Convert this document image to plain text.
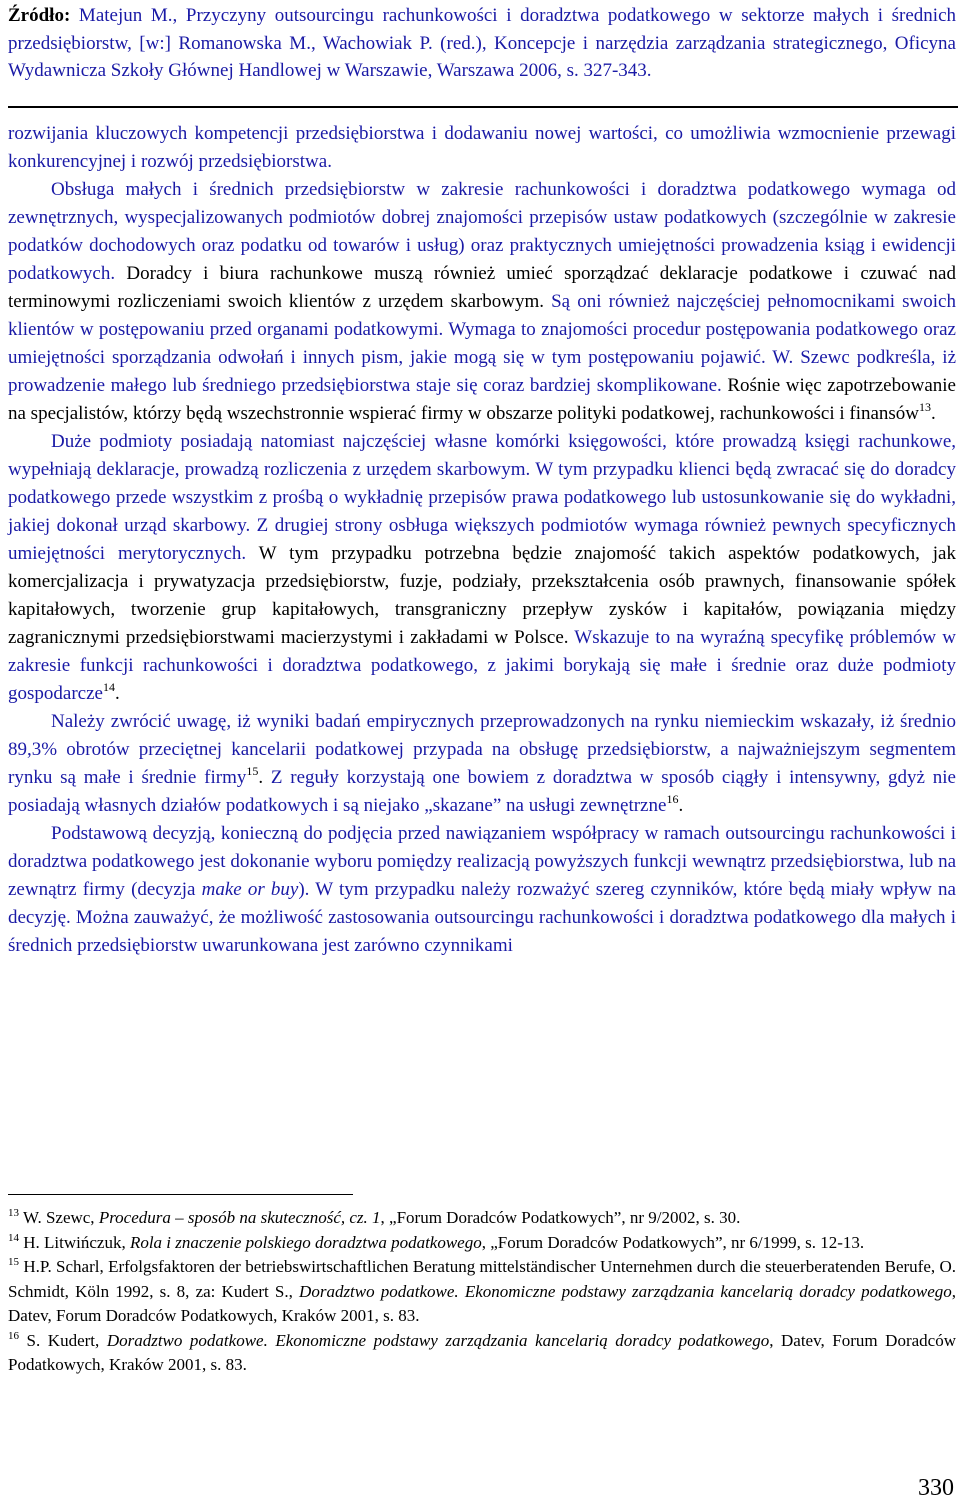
Źródło: Matejun M., Przyczyny outsourcingu rachunkowości i doradztwa podatkowego w sektorze małych i średnich przedsiębiorstw, [w:] Romanowska M., Wachowiak P. (red.), Koncepcje i narzędzia zarządzania strategicznego, Oficyna Wydawnicza Szkoły Głównej Handlowej w Warszawie, Warszawa 2006, s. 327-343.

rozwijania kluczowych kompetencji przedsiębiorstwa i dodawaniu nowej wartości, co umożliwia wzmocnienie przewagi konkurencyjnej i rozwój przedsiębiorstwa.

Obsługa małych i średnich przedsiębiorstw w zakresie rachunkowości i doradztwa podatkowego wymaga od zewnętrznych, wyspecjalizowanych podmiotów dobrej znajomości przepisów ustaw podatkowych (szczególnie w zakresie podatków dochodowych oraz podatku od towarów i usług) oraz praktycznych umiejętności prowadzenia ksiąg i ewidencji podatkowych. Doradcy i biura rachunkowe muszą również umieć sporządzać deklaracje podatkowe i czuwać nad terminowymi rozliczeniami swoich klientów z urzędem skarbowym. Są oni również najczęściej pełnomocnikami swoich klientów w postępowaniu przed organami podatkowymi. Wymaga to znajomości procedur postępowania podatkowego oraz umiejętności sporządzania odwołań i innych pism, jakie mogą się w tym postępowaniu pojawić. W. Szewc podkreśla, iż prowadzenie małego lub średniego przedsiębiorstwa staje się coraz bardziej skomplikowane. Rośnie więc zapotrzebowanie na specjalistów, którzy będą wszechstronnie wspierać firmy w obszarze polityki podatkowej, rachunkowości i finansów$^{13}$.

Duże podmioty posiadają natomiast najczęściej własne komórki księgowości, które prowadzą księgi rachunkowe, wypełniają deklaracje, prowadzą rozliczenia z urzędem skarbowym. W tym przypadku klienci będą zwracać się do doradcy podatkowego przede wszystkim z prośbą o wykładnię przepisów prawa podatkowego lub ustosunkowanie się do wykładni, jakiej dokonał urząd skarbowy. Z drugiej strony osbługa większych podmiotów wymaga również pewnych specyficznych umiejętności merytorycznych. W tym przypadku potrzebna będzie znajomość takich aspektów podatkowych, jak komercjalizacja i prywatyzacja przedsiębiorstw, fuzje, podziały, przekształcenia osób prawnych, finansowanie spółek kapitałowych, tworzenie grup kapitałowych, transgraniczny przepływ zysków i kapitałów, powiązania między zagranicznymi przedsiębiorstwami macierzystymi i zakładami w Polsce. Wskazuje to na wyraźną specyfikę próblemów w zakresie funkcji rachunkowości i doradztwa podatkowego, z jakimi borykają się małe i średnie oraz duże podmioty gospodarcze$^{14}$.

Należy zwrócić uwagę, iż wyniki badań empirycznych przeprowadzonych na rynku niemieckim wskazały, iż średnio 89,3% obrotów przeciętnej kancelarii podatkowej przypada na obsługę przedsiębiorstw, a najważniejszym segmentem rynku są małe i średnie firmy$^{15}$. Z reguły korzystają one bowiem z doradztwa w sposób ciągły i intensywny, gdyż nie posiadają własnych działów podatkowych i są niejako „skazane” na usługi zewnętrzne$^{16}$.

Podstawową decyzją, konieczną do podjęcia przed nawiązaniem współpracy w ramach outsourcingu rachunkowości i doradztwa podatkowego jest dokonanie wyboru pomiędzy realizacją powyższych funkcji wewnątrz przedsiębiorstwa, lub na zewnątrz firmy (decyzja make or buy). W tym przypadku należy rozważyć szereg czynników, które będą miały wpływ na decyzję. Można zauważyć, że możliwość zastosowania outsourcingu rachunkowości i doradztwa podatkowego dla małych i średnich przedsiębiorstw uwarunkowana jest zarówno czynnikami

$^{13}$ W. Szewc, Procedura – sposób na skuteczność, cz. 1, „Forum Doradców Podatkowych”, nr 9/2002, s. 30.

$^{14}$ H. Litwińczuk, Rola i znaczenie polskiego doradztwa podatkowego, „Forum Doradców Podatkowych”, nr 6/1999, s. 12-13.

$^{15}$ H.P. Scharl, Erfolgsfaktoren der betriebswirtschaftlichen Beratung mittelständischer Unternehmen durch die steuerberatenden Berufe, O. Schmidt, Köln 1992, s. 8, za: Kudert S., Doradztwo podatkowe. Ekonomiczne podstawy zarządzania kancelarią doradcy podatkowego, Datev, Forum Doradców Podatkowych, Kraków 2001, s. 83.

$^{16}$ S. Kudert, Doradztwo podatkowe. Ekonomiczne podstawy zarządzania kancelarią doradcy podatkowego, Datev, Forum Doradców Podatkowych, Kraków 2001, s. 83.

330
